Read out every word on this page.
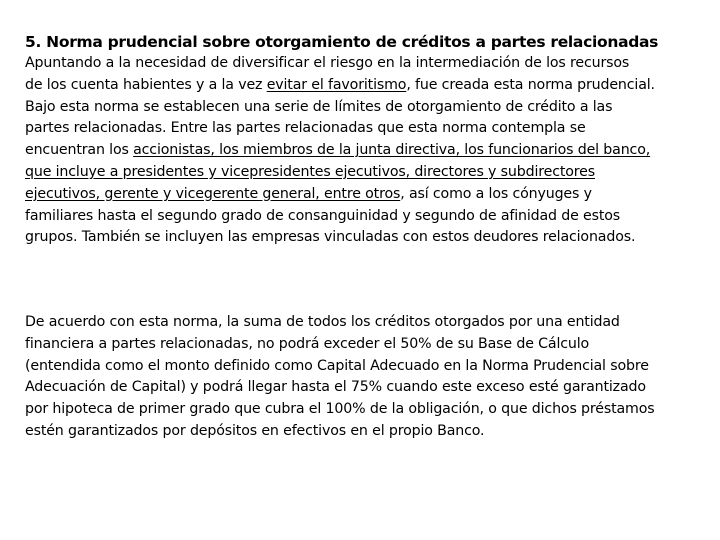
5. Norma prudencial sobre otorgamiento de créditos a partes relacionadas
Apuntando a la necesidad de diversificar el riesgo en la intermediación de los recursos
de los cuenta habientes y a la vez evitar el favoritismo, fue creada esta norma prudencial.
Bajo esta norma se establecen una serie de límites de otorgamiento de crédito a las
partes relacionadas. Entre las partes relacionadas que esta norma contempla se
encuentran los accionistas, los miembros de la junta directiva, los funcionarios del banco,
que incluye a presidentes y vicepresidentes ejecutivos, directores y subdirectores
ejecutivos, gerente y vicegerente general, entre otros, así como a los cónyuges y
familiares hasta el segundo grado de consanguinidad y segundo de afinidad de estos
grupos. También se incluyen las empresas vinculadas con estos deudores relacionados.
De acuerdo con esta norma, la suma de todos los créditos otorgados por una entidad
financiera a partes relacionadas, no podrá exceder el 50% de su Base de Cálculo
(entendida como el monto definido como Capital Adecuado en la Norma Prudencial sobre
Adecuación de Capital) y podrá llegar hasta el 75% cuando este exceso esté garantizado
por hipoteca de primer grado que cubra el 100% de la obligación, o que dichos préstamos
estén garantizados por depósitos en efectivos en el propio Banco.
